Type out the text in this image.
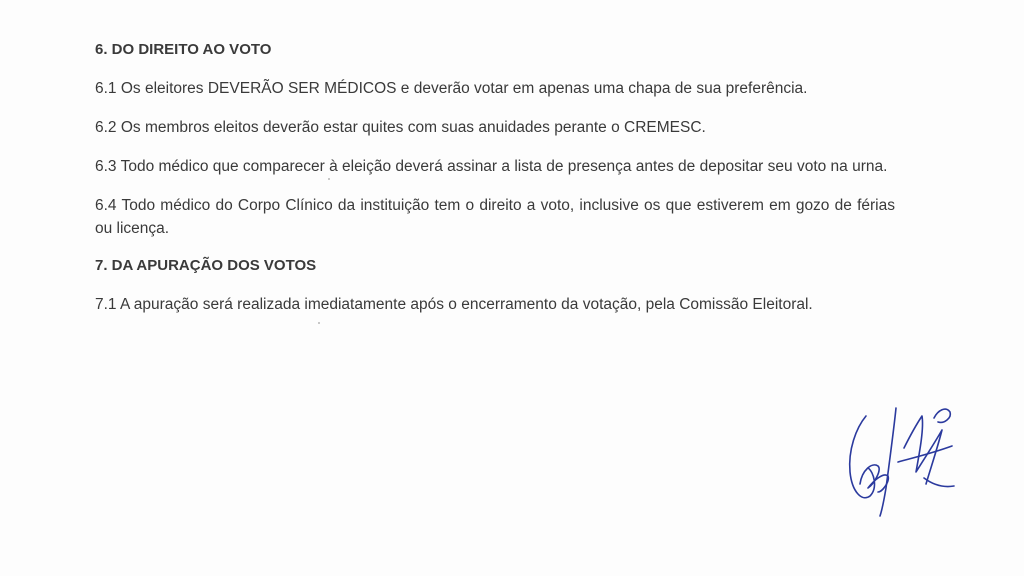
6. DO DIREITO AO VOTO
6.1 Os eleitores DEVERÃO SER MÉDICOS e deverão votar em apenas uma chapa de sua preferência.
6.2 Os membros eleitos deverão estar quites com suas anuidades perante o CREMESC.
6.3 Todo médico que comparecer à eleição deverá assinar a lista de presença antes de depositar seu voto na urna.
6.4 Todo médico do Corpo Clínico da instituição tem o direito a voto, inclusive os que estiverem em gozo de férias ou licença.
7. DA APURAÇÃO DOS VOTOS
7.1 A apuração será realizada imediatamente após o encerramento da votação, pela Comissão Eleitoral.
